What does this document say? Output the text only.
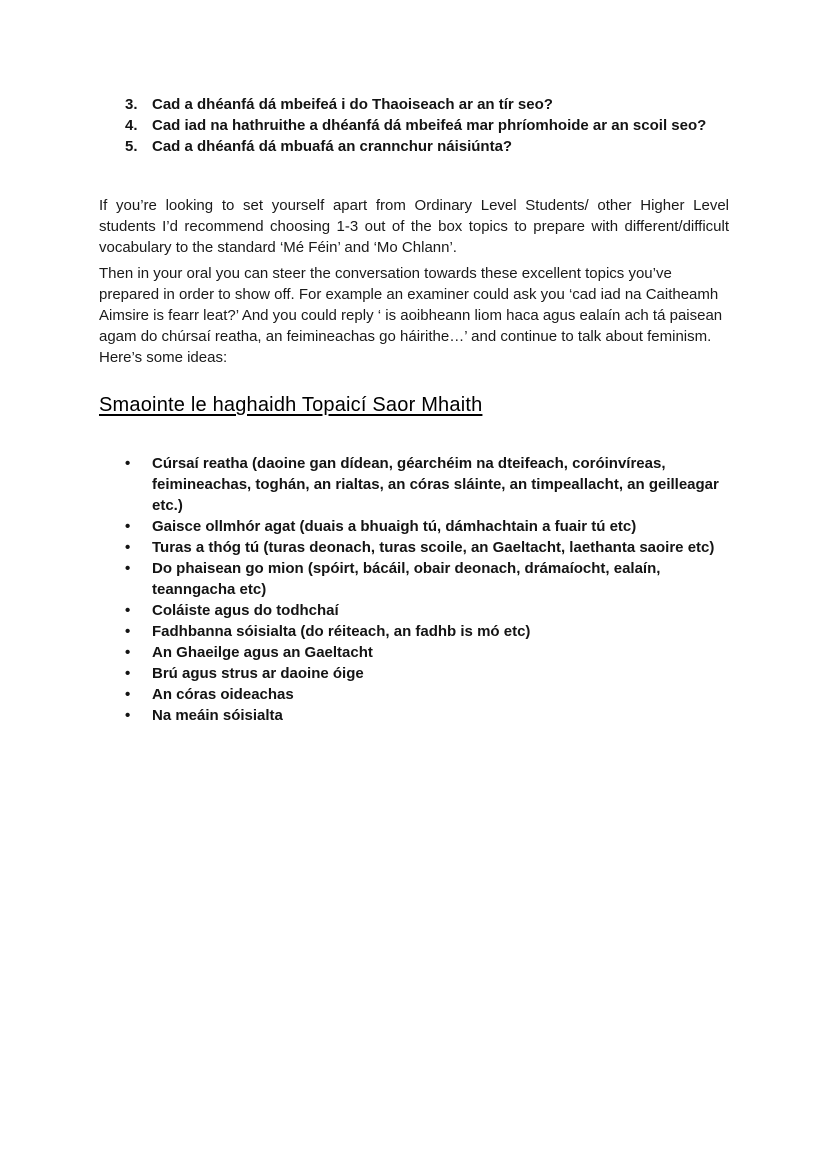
3. Cad a dhéanfá dá mbeifeá i do Thaoiseach ar an tír seo?
4. Cad iad na hathruithe a dhéanfá dá mbeifeá mar phríomhoide ar an scoil seo?
5. Cad a dhéanfá dá mbuafá an crannchur náisiúnta?

If you’re looking to set yourself apart from Ordinary Level Students/ other Higher Level students I’d recommend choosing 1-3 out of the box topics to prepare with different/difficult vocabulary to the standard ‘Mé Féin’ and ‘Mo Chlann’.

Then in your oral you can steer the conversation towards these excellent topics you’ve prepared in order to show off. For example an examiner could ask you ‘cad iad na Caitheamh Aimsire is fearr leat?’ And you could reply ‘ is aoibheann liom haca agus ealaín ach tá paisean agam do chúrsaí reatha, an feimineachas go háirithe…’ and continue to talk about feminism.

Here’s some ideas:

Smaointe le haghaidh Topaicí Saor Mhaith
•	Cúrsaí reatha (daoine gan dídean, géarchéim na dteifeach, coróinvíreas, feimineachas, toghán, an rialtas, an córas sláinte, an timpeallacht, an geilleagar etc.)
•	Gaisce ollmhór agat (duais a bhuaigh tú, dámhachtain a fuair tú etc)
•	Turas a thóg tú (turas deonach, turas scoile, an Gaeltacht, laethanta saoire etc)
•	Do phaisean go mion (spóirt, bácáil, obair deonach, drámaíocht, ealaín, teanngacha etc)
•	Coláiste agus do todhchaí
•	Fadhbanna sóisialta (do réiteach, an fadhb is mó etc)
•	An Ghaeilge agus an Gaeltacht
•	Brú agus strus ar daoine óige
•	An córas oideachas
•	Na meáin sóisialta
